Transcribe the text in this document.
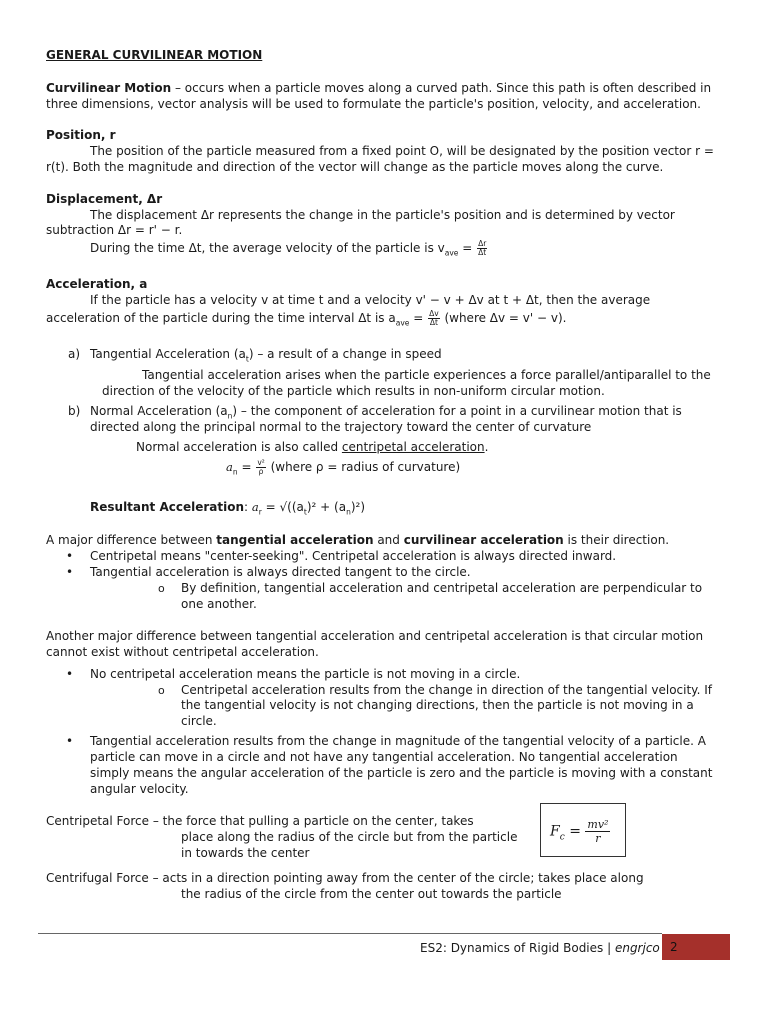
GENERAL CURVILINEAR MOTION
Curvilinear Motion – occurs when a particle moves along a curved path. Since this path is often described in
three dimensions, vector analysis will be used to formulate the particle's position, velocity, and acceleration.
Position, r
The position of the particle measured from a fixed point O, will be designated by the position vector r =
r(t). Both the magnitude and direction of the vector will change as the particle moves along the curve.
Displacement, Δr
The displacement Δr represents the change in the particle's position and is determined by vector
subtraction Δr = r' − r.
During the time Δt, the average velocity of the particle is $v_{ave} = \frac{\Delta r}{\Delta t}$
Acceleration, a
If the particle has a velocity v at time t and a velocity v' − v + Δv at t + Δt, then the average
acceleration of the particle during the time interval Δt is $a_{ave} = \frac{\Delta v}{\Delta t}$ (where Δv = v' − v).
a) Tangential Acceleration $(a_t)$ – a result of a change in speed
Tangential acceleration arises when the particle experiences a force parallel/antiparallel to the
direction of the velocity of the particle which results in non-uniform circular motion.
b) Normal Acceleration $(a_n)$ – the component of acceleration for a point in a curvilinear motion that is
directed along the principal normal to the trajectory toward the center of curvature
Normal acceleration is also called centripetal acceleration.
$a_n = \frac{\text{v²}}{\rho}$ (where ρ = radius of curvature)
Resultant Acceleration: $a_r = √((a_t)^2 + (a_n)^2)$
A major difference between tangential acceleration and curvilinear acceleration is their direction.
• Centripetal means "center-seeking". Centripetal acceleration is always directed inward.
• Tangential acceleration is always directed tangent to the circle.
o By definition, tangential acceleration and centripetal acceleration are perpendicular to
one another.
Another major difference between tangential acceleration and centripetal acceleration is that circular motion
cannot exist without centripetal acceleration.
• No centripetal acceleration means the particle is not moving in a circle.
o Centripetal acceleration results from the change in direction of the tangential velocity. If
the tangential velocity is not changing directions, then the particle is not moving in a
circle.
• Tangential acceleration results from the change in magnitude of the tangential velocity of a particle. A
particle can move in a circle and not have any tangential acceleration. No tangential acceleration
simply means the angular acceleration of the particle is zero and the particle is moving with a constant
angular velocity.
Centripetal Force – the force that pulling a particle on the center, takes
place along the radius of the circle but from the particle
in towards the center
$F_c = \frac{\text{mv²}}{r}$
Centrifugal Force – acts in a direction pointing away from the center of the circle; takes place along
the radius of the circle from the center out towards the particle
ES2: Dynamics of Rigid Bodies | engrjco 2
